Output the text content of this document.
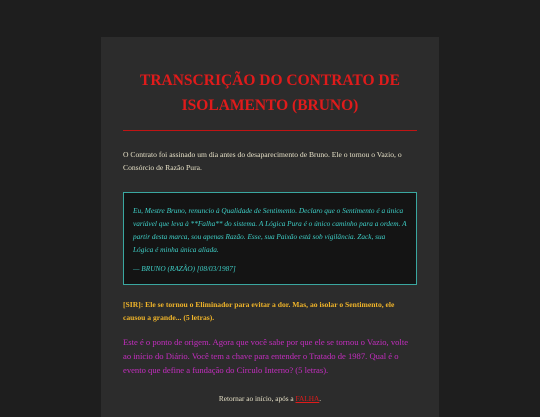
TRANSCRIÇÃO DO CONTRATO DE ISOLAMENTO (BRUNO)

O Contrato foi assinado um dia antes do desaparecimento de Bruno. Ele o tornou o Vazio, o Consórcio de Razão Pura.

Eu, Mestre Bruno, renuncio à Qualidade de Sentimento. Declaro que o Sentimento é a única variável que leva à **Falha** do sistema. A Lógica Pura é o único caminho para a ordem. A partir desta marca, sou apenas Razão. Esse, sua Paixão está sob vigilância. Zack, sua Lógica é minha única aliada.

— BRUNO (RAZÃO) [08/03/1987]

[SIR]: Ele se tornou o Eliminador para evitar a dor. Mas, ao isolar o Sentimento, ele causou a grande... (5 letras).

Este é o ponto de origem. Agora que você sabe por que ele se tornou o Vazio, volte ao início do Diário. Você tem a chave para entender o Tratado de 1987. Qual é o evento que define a fundação do Círculo Interno? (5 letras).

Retornar ao início, após a FALHA.
